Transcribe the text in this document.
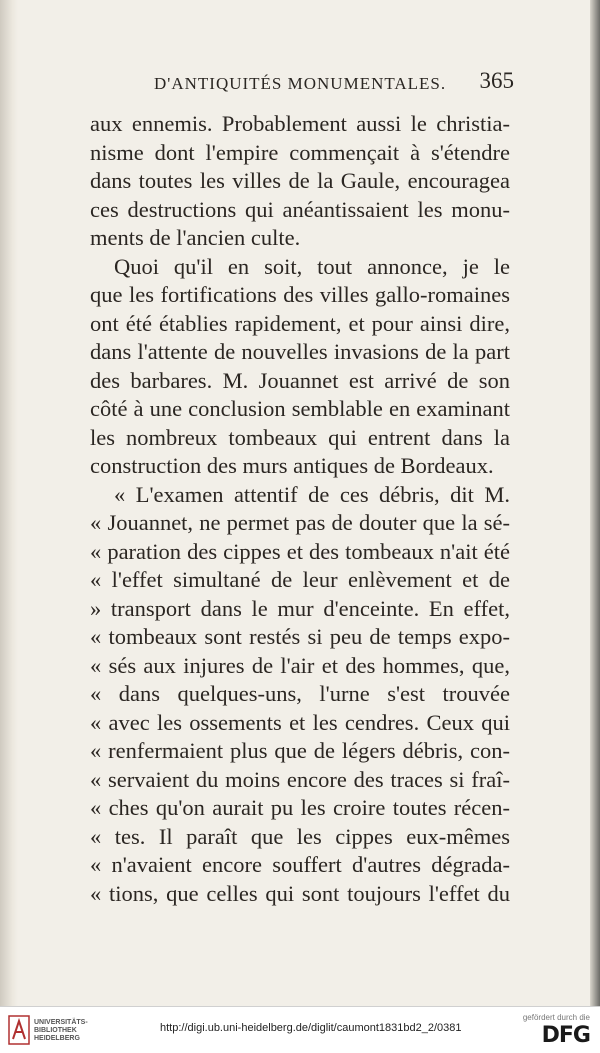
D'ANTIQUITÉS MONUMENTALES. 365
aux ennemis. Probablement aussi le christia-
nisme dont l'empire commençait à s'étendre
dans toutes les villes de la Gaule, encouragea
ces destructions qui anéantissaient les monu-
ments de l'ancien culte.
Quoi qu'il en soit, tout annonce, je le
que les fortifications des villes gallo-romaines
ont été établies rapidement, et pour ainsi dire,
dans l'attente de nouvelles invasions de la part
des barbares. M. Jouannet est arrivé de son
côté à une conclusion semblable en examinant
les nombreux tombeaux qui entrent dans la
construction des murs antiques de Bordeaux.
« L'examen attentif de ces débris, dit M.
« Jouannet, ne permet pas de douter que la sé-
« paration des cippes et des tombeaux n'ait été
« l'effet simultané de leur enlèvement et de
» transport dans le mur d'enceinte. En effet,
« tombeaux sont restés si peu de temps expo-
« sés aux injures de l'air et des hommes, que,
« dans quelques-uns, l'urne s'est trouvée
« avec les ossements et les cendres. Ceux qui
« renfermaient plus que de légers débris, con-
« servaient du moins encore des traces si fraî-
« ches qu'on aurait pu les croire toutes récen-
« tes. Il paraît que les cippes eux-mêmes
« n'avaient encore souffert d'autres dégrada-
« tions, que celles qui sont toujours l'effet du
UNIVERSITÄTS-
BIBLIOTHEK
HEIDELBERG
http://digi.ub.uni-heidelberg.de/diglit/caumont1831bd2_2/0381
gefördert durch die
DFG
